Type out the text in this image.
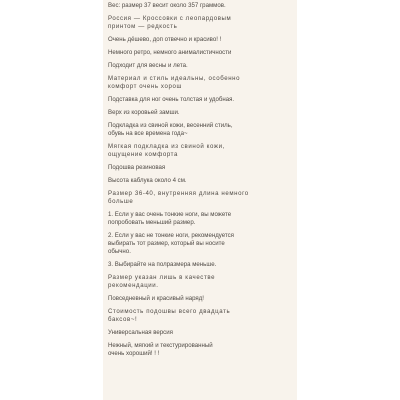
Вес: размер 37 весит около 357 граммов.
Россия — Кроссовки с леопардовым
принтом — редкость
Очень дёшево, доп отвечно и красиво! !
Немного ретро, немного анималистичности
Подходит для весны и лета.
Материал и стиль идеальны, особенно
комфорт очень хорош
Подставка для ног очень толстая и удобная.
Верх из коровьей замши.
Подкладка из свиной кожи, весенний стиль,
обувь на все времена года~
Мягкая подкладка из свиной кожи,
ощущение комфорта
Подошва резиновая
Высота каблука около 4 см.
Размер 36-40, внутренняя длина немного
больше
1. Если у вас очень тонкие ноги, вы можете
попробовать меньший размер.
2. Если у вас не тонкие ноги, рекомендуется
выбирать тот размер, который вы носите
обычно.
3. Выбирайте на полразмера меньше.
Размер указан лишь в качестве
рекомендации.
Повседневный и красивый наряд!
Стоимость подошвы всего двадцать
баксов~!
Универсальная версия
Нежный, мягкий и текстурированный
очень хороший! ! !
